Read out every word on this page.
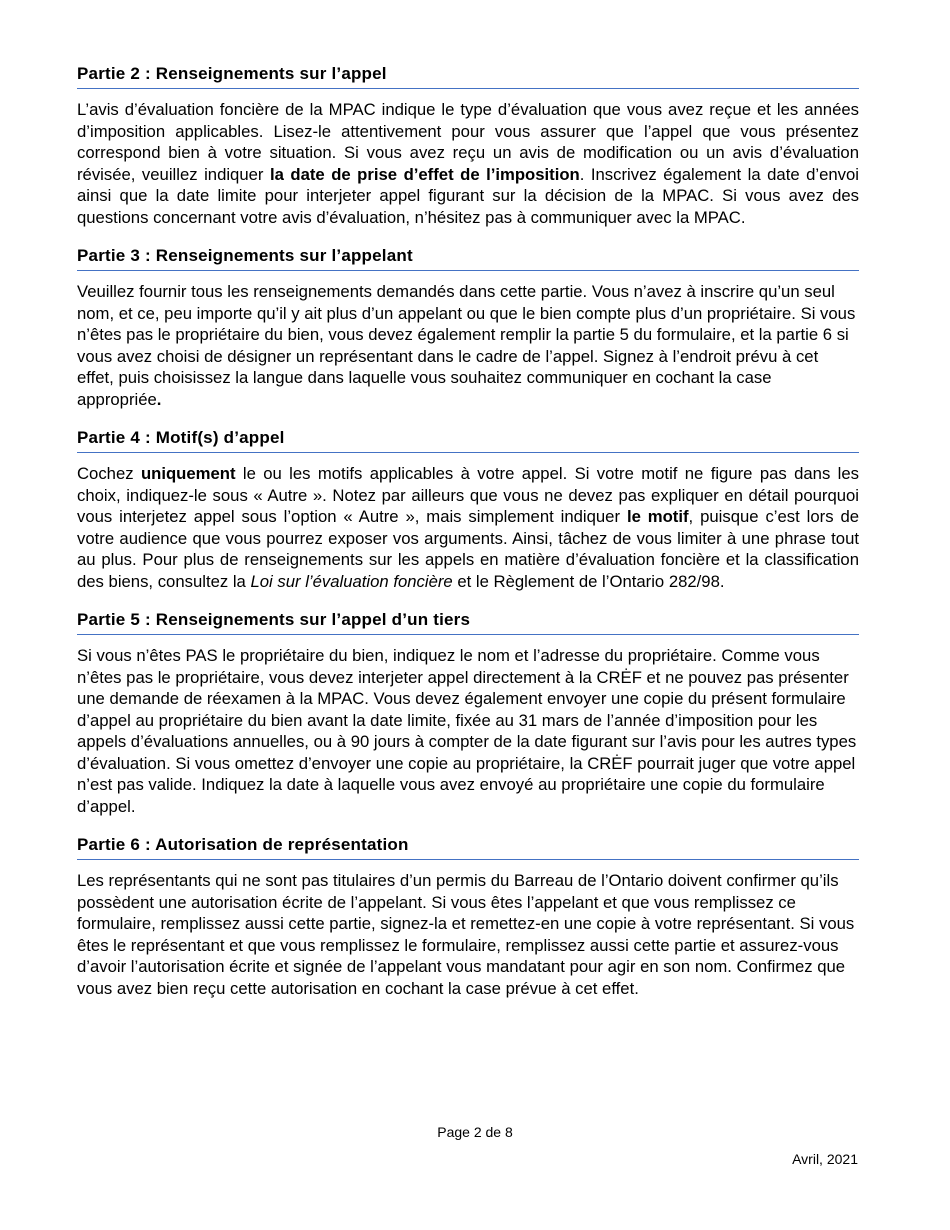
Partie 2 : Renseignements sur l’appel
L’avis d’évaluation foncière de la MPAC indique le type d’évaluation que vous avez reçue et les années d’imposition applicables. Lisez-le attentivement pour vous assurer que l’appel que vous présentez correspond bien à votre situation. Si vous avez reçu un avis de modification ou un avis d’évaluation révisée, veuillez indiquer la date de prise d’effet de l’imposition. Inscrivez également la date d’envoi ainsi que la date limite pour interjeter appel figurant sur la décision de la MPAC. Si vous avez des questions concernant votre avis d’évaluation, n’hésitez pas à communiquer avec la MPAC.
Partie 3 : Renseignements sur l’appelant
Veuillez fournir tous les renseignements demandés dans cette partie. Vous n’avez à inscrire qu’un seul nom, et ce, peu importe qu’il y ait plus d’un appelant ou que le bien compte plus d’un propriétaire. Si vous n’êtes pas le propriétaire du bien, vous devez également remplir la partie 5 du formulaire, et la partie 6 si vous avez choisi de désigner un représentant dans le cadre de l’appel. Signez à l’endroit prévu à cet effet, puis choisissez la langue dans laquelle vous souhaitez communiquer en cochant la case appropriée.
Partie 4 : Motif(s) d’appel
Cochez uniquement le ou les motifs applicables à votre appel. Si votre motif ne figure pas dans les choix, indiquez-le sous « Autre ». Notez par ailleurs que vous ne devez pas expliquer en détail pourquoi vous interjetez appel sous l’option « Autre », mais simplement indiquer le motif, puisque c’est lors de votre audience que vous pourrez exposer vos arguments. Ainsi, tâchez de vous limiter à une phrase tout au plus. Pour plus de renseignements sur les appels en matière d’évaluation foncière et la classification des biens, consultez la Loi sur l’évaluation foncière et le Règlement de l’Ontario 282/98.
Partie 5 : Renseignements sur l’appel d’un tiers
Si vous n’êtes PAS le propriétaire du bien, indiquez le nom et l’adresse du propriétaire. Comme vous n’êtes pas le propriétaire, vous devez interjeter appel directement à la CRĖF et ne pouvez pas présenter une demande de réexamen à la MPAC. Vous devez également envoyer une copie du présent formulaire d’appel au propriétaire du bien avant la date limite, fixée au 31 mars de l’année d’imposition pour les appels d’évaluations annuelles, ou à 90 jours à compter de la date figurant sur l’avis pour les autres types d’évaluation. Si vous omettez d’envoyer une copie au propriétaire, la CRĖF pourrait juger que votre appel n’est pas valide. Indiquez la date à laquelle vous avez envoyé au propriétaire une copie du formulaire d’appel.
Partie 6 : Autorisation de représentation
Les représentants qui ne sont pas titulaires d’un permis du Barreau de l’Ontario doivent confirmer qu’ils possèdent une autorisation écrite de l’appelant. Si vous êtes l’appelant et que vous remplissez ce formulaire, remplissez aussi cette partie, signez-la et remettez-en une copie à votre représentant. Si vous êtes le représentant et que vous remplissez le formulaire, remplissez aussi cette partie et assurez-vous d’avoir l’autorisation écrite et signée de l’appelant vous mandatant pour agir en son nom. Confirmez que vous avez bien reçu cette autorisation en cochant la case prévue à cet effet.
Page 2 de 8
Avril, 2021
